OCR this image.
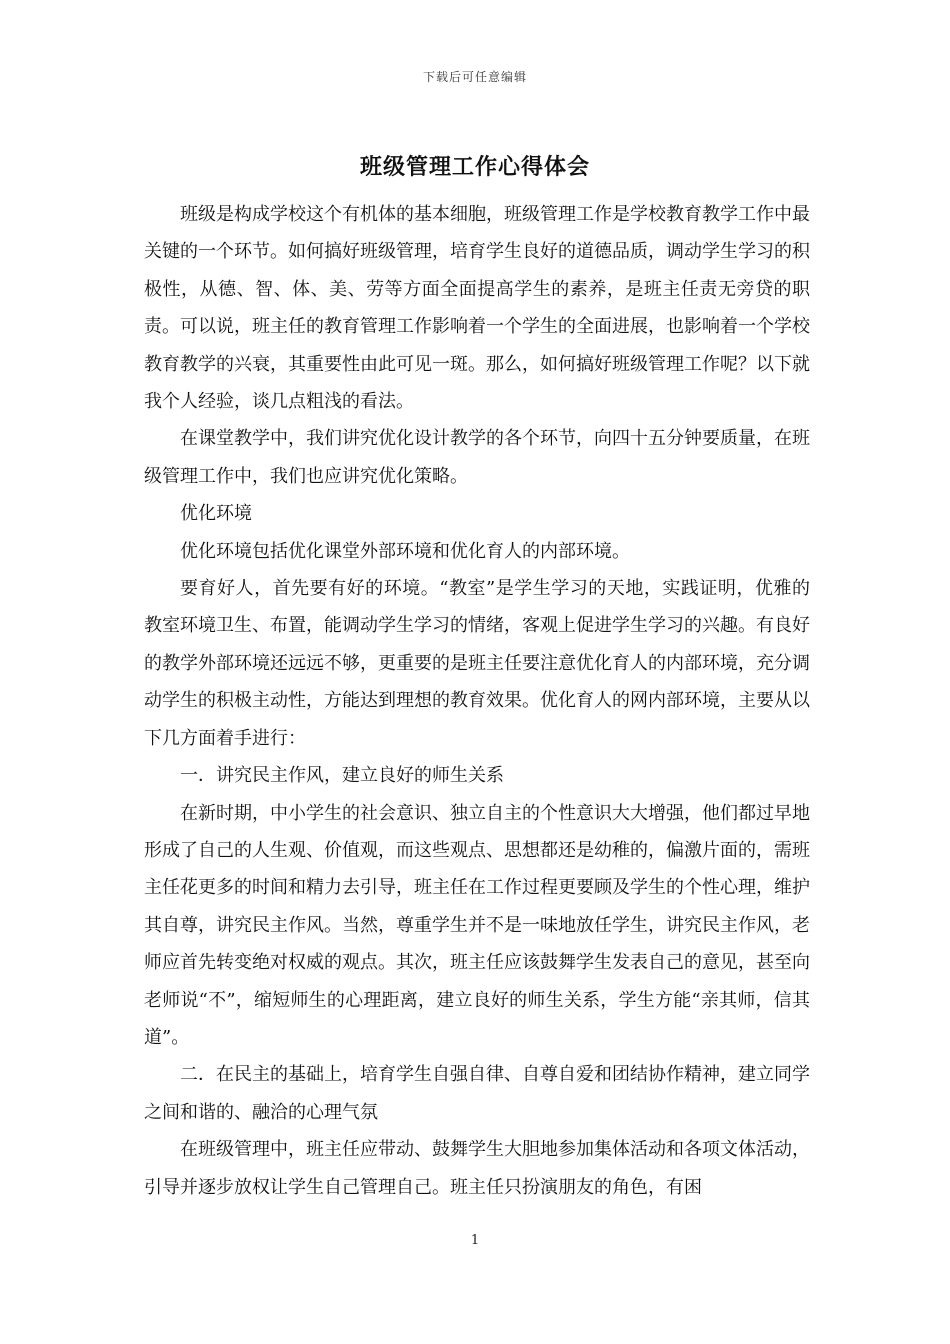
下载后可任意编辑
班级管理工作心得体会

班级是构成学校这个有机体的基本细胞，班级管理工作是学校教育教学工作中最关键的一个环节。如何搞好班级管理，培育学生良好的道德品质，调动学生学习的积极性，从德、智、体、美、劳等方面全面提高学生的素养，是班主任责无旁贷的职责。可以说，班主任的教育管理工作影响着一个学生的全面进展，也影响着一个学校教育教学的兴衰，其重要性由此可见一斑。那么，如何搞好班级管理工作呢？以下就我个人经验，谈几点粗浅的看法。

在课堂教学中，我们讲究优化设计教学的各个环节，向四十五分钟要质量，在班级管理工作中，我们也应讲究优化策略。

优化环境

优化环境包括优化课堂外部环境和优化育人的内部环境。

要育好人，首先要有好的环境。“教室”是学生学习的天地，实践证明，优雅的教室环境卫生、布置，能调动学生学习的情绪，客观上促进学生学习的兴趣。有良好的教学外部环境还远远不够，更重要的是班主任要注意优化育人的内部环境，充分调动学生的积极主动性，方能达到理想的教育效果。优化育人的网内部环境，主要从以下几方面着手进行：

一．讲究民主作风，建立良好的师生关系

在新时期，中小学生的社会意识、独立自主的个性意识大大增强，他们都过早地形成了自己的人生观、价值观，而这些观点、思想都还是幼稚的，偏激片面的，需班主任花更多的时间和精力去引导，班主任在工作过程更要顾及学生的个性心理，维护其自尊，讲究民主作风。当然，尊重学生并不是一味地放任学生，讲究民主作风，老师应首先转变绝对权威的观点。其次，班主任应该鼓舞学生发表自己的意见，甚至向老师说“不”，缩短师生的心理距离，建立良好的师生关系，学生方能“亲其师，信其道”。

二．在民主的基础上，培育学生自强自律、自尊自爱和团结协作精神，建立同学之间和谐的、融洽的心理气氛

在班级管理中，班主任应带动、鼓舞学生大胆地参加集体活动和各项文体活动，引导并逐步放权让学生自己管理自己。班主任只扮演朋友的角色，有困

1
